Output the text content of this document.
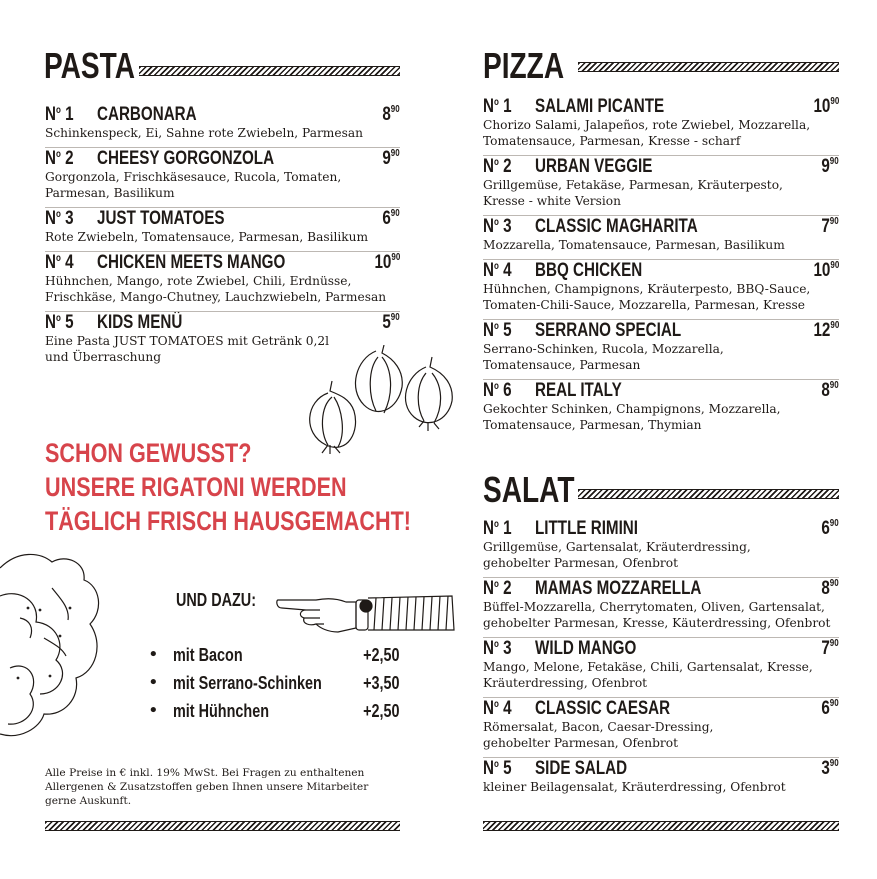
PASTA
$N^o$ 1 CARBONARA	$8^{90}$
Schinkenspeck, Ei, Sahne rote Zwiebeln, Parmesan
$N^o$ 2 CHEESY GORGONZOLA	$9^{90}$
Gorgonzola, Frischkäsesauce, Rucola, Tomaten,
Parmesan, Basilikum
$N^o$ 3 JUST TOMATOES	$6^{90}$
Rote Zwiebeln, Tomatensauce, Parmesan, Basilikum
$N^o$ 4 CHICKEN MEETS MANGO	$10^{90}$
Hühnchen, Mango, rote Zwiebel, Chili, Erdnüsse,
Frischkäse, Mango-Chutney, Lauchzwiebeln, Parmesan
$N^o$ 5 KIDS MENÜ	$5^{90}$
Eine Pasta JUST TOMATOES mit Getränk 0,2l
und Überraschung
SCHON GEWUSST?
UNSERE RIGATONI WERDEN
TÄGLICH FRISCH HAUSGEMACHT!
UND DAZU:
• mit Bacon	+2,50
• mit Serrano-Schinken +3,50
• mit Hühnchen	+2,50
Alle Preise in € inkl. 19% MwSt. Bei Fragen zu enthaltenen Allergenen & Zusatzstoffen geben Ihnen unsere Mitarbeiter gerne Auskunft.
PIZZA
$N^o$ 1 SALAMI PICANTE	$10^{90}$
Chorizo Salami, Jalapeños, rote Zwiebel, Mozzarella,
Tomatensauce, Parmesan, Kresse - scharf
$N^o$ 2 URBAN VEGGIE	$9^{90}$
Grillgemüse, Fetakäse, Parmesan, Kräuterpesto,
Kresse - white Version
$N^o$ 3 CLASSIC MAGHARITA	$7^{90}$
Mozzarella, Tomatensauce, Parmesan, Basilikum
$N^o$ 4 BBQ CHICKEN	$10^{90}$
Hühnchen, Champignons, Kräuterpesto, BBQ-Sauce,
Tomaten-Chili-Sauce, Mozzarella, Parmesan, Kresse
$N^o$ 5 SERRANO SPECIAL	$12^{90}$
Serrano-Schinken, Rucola, Mozzarella,
Tomatensauce, Parmesan
$N^o$ 6 REAL ITALY	$8^{90}$
Gekochter Schinken, Champignons, Mozzarella,
Tomatensauce, Parmesan, Thymian
SALAT
$N^o$ 1 LITTLE RIMINI	$6^{90}$
Grillgemüse, Gartensalat, Kräuterdressing,
gehobelter Parmesan, Ofenbrot
$N^o$ 2 MAMAS MOZZARELLA	$8^{90}$
Büffel-Mozzarella, Cherrytomaten, Oliven, Gartensalat,
gehobelter Parmesan, Kresse, Käuterdressing, Ofenbrot
$N^o$ 3 WILD MANGO	$7^{90}$
Mango, Melone, Fetakäse, Chili, Gartensalat, Kresse,
Kräuterdressing, Ofenbrot
$N^o$ 4 CLASSIC CAESAR	$6^{90}$
Römersalat, Bacon, Caesar-Dressing,
gehobelter Parmesan, Ofenbrot
$N^o$ 5 SIDE SALAD	$3^{90}$
kleiner Beilagensalat, Kräuterdressing, Ofenbrot
